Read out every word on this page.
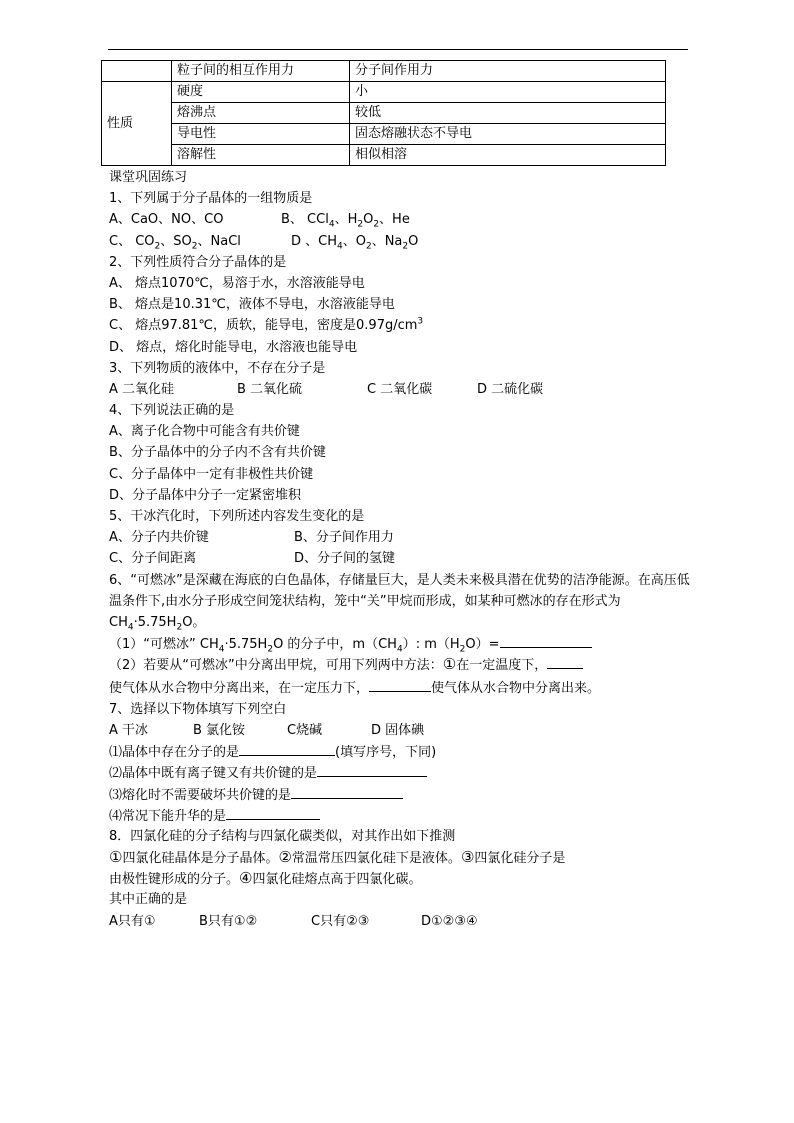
	粒子间的相互作用力	分子间作用力
性质	硬度	小
	熔沸点	较低
	导电性	固态熔融状态不导电
	溶解性	相似相溶
课堂巩固练习
1、下列属于分子晶体的一组物质是
A、CaO、NO、CO	B、 CCl$_4$、$H_2O_2$、He
C、 $CO_2$、$SO_2$、NaCl	D 、$CH_4$、$O_2$、$Na_2O$
2、下列性质符合分子晶体的是
A、 熔点1070℃，易溶于水，水溶液能导电
B、 熔点是10.31℃，液体不导电，水溶液能导电
C、 熔点97.81℃，质软，能导电，密度是$0.97g/cm^3$
D、 熔点，熔化时能导电，水溶液也能导电
3、下列物质的液体中，不存在分子是
A 二氧化硅	B 二氧化硫	C 二氧化碳	D 二硫化碳
4、下列说法正确的是
A、离子化合物中可能含有共价键
B、分子晶体中的分子内不含有共价键
C、分子晶体中一定有非极性共价键
D、分子晶体中分子一定紧密堆积
5、干冰汽化时，下列所述内容发生变化的是
A、分子内共价键	B、分子间作用力
C、分子间距离	D、分子间的氢键
6、“可燃冰”是深藏在海底的白色晶体，存储量巨大，是人类未来极具潜在优势的洁净能源。在高压低温条件下,由水分子形成空间笼状结构，笼中“关”甲烷而形成，如某种可燃冰的存在形式为 $CH_4\cdot 5.75H_2O$。
（1）“可燃冰” $CH_4\cdot 5.75H_2O$ 的分子中，$m(CH_4)$: $m(H_2O)=$
（2）若要从“可燃冰”中分离出甲烷，可用下列两中方法：①在一定温度下，
使气体从水合物中分离出来，在一定压力下，	使气体从水合物中分离出来。
7、选择以下物体填写下列空白
A 干冰	B 氯化铵	C烧碱	D 固体碘
⑴晶体中存在分子的是	(填写序号，下同)
⑵晶体中既有离子键又有共价键的是
⑶熔化时不需要破坏共价键的是
⑷常况下能升华的是
8．四氯化硅的分子结构与四氯化碳类似，对其作出如下推测
①四氯化硅晶体是分子晶体。②常温常压四氯化硅下是液体。③四氯化硅分子是
由极性键形成的分子。④四氯化硅熔点高于四氯化碳。
其中正确的是
A只有①	B只有①②	C只有②③	D①②③④
